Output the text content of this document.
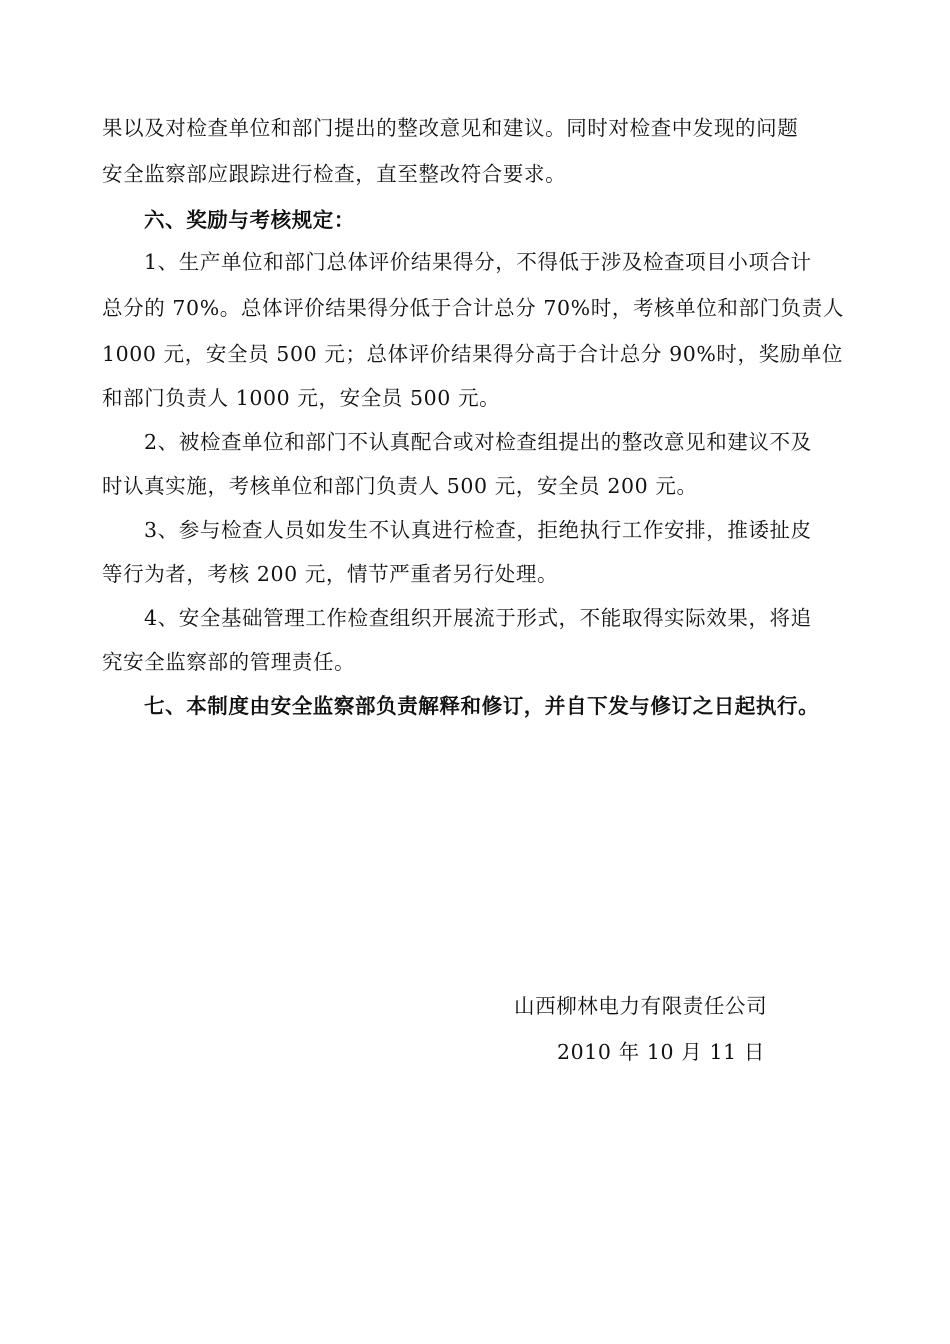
果以及对检查单位和部门提出的整改意见和建议。同时对检查中发现的问题
安全监察部应跟踪进行检查，直至整改符合要求。
六、奖励与考核规定：
1、生产单位和部门总体评价结果得分，不得低于涉及检查项目小项合计
总分的 70%。总体评价结果得分低于合计总分 70%时，考核单位和部门负责人
1000 元，安全员 500 元；总体评价结果得分高于合计总分 90%时，奖励单位
和部门负责人 1000 元，安全员 500 元。
2、被检查单位和部门不认真配合或对检查组提出的整改意见和建议不及
时认真实施，考核单位和部门负责人 500 元，安全员 200 元。
3、参与检查人员如发生不认真进行检查，拒绝执行工作安排，推诿扯皮
等行为者，考核 200 元，情节严重者另行处理。
4、安全基础管理工作检查组织开展流于形式，不能取得实际效果，将追
究安全监察部的管理责任。
七、本制度由安全监察部负责解释和修订，并自下发与修订之日起执行。
山西柳林电力有限责任公司
2010 年 10 月 11 日
